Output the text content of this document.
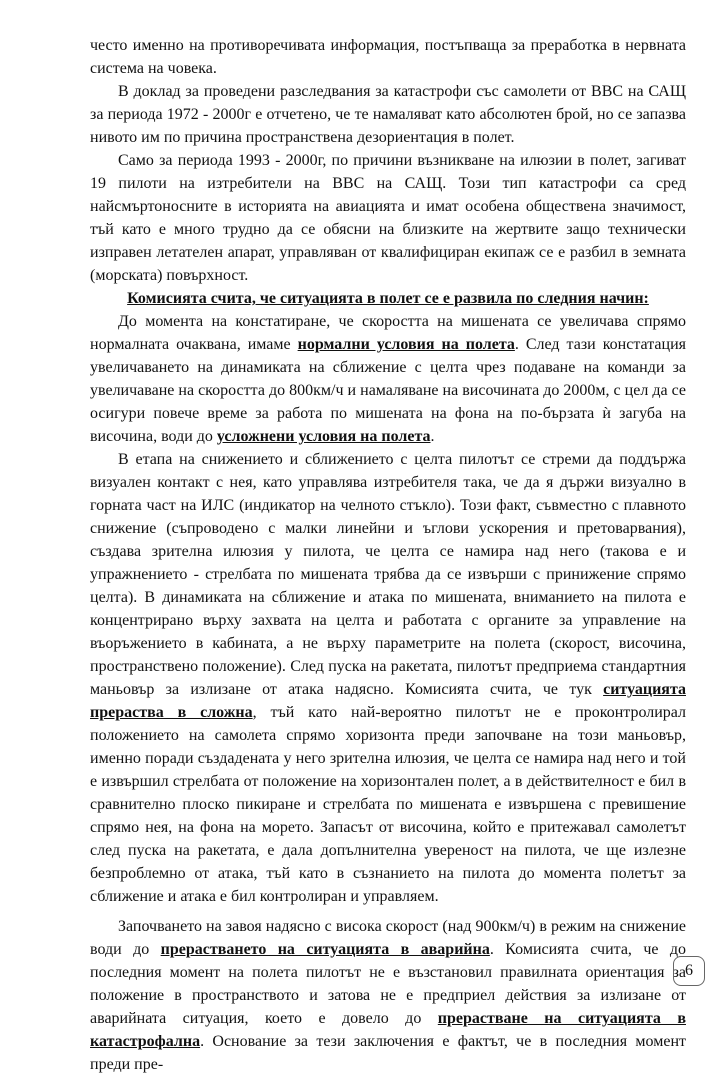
често именно на противоречивата информация, постъпваща за преработка в нервната система на човека.

В доклад за проведени разследвания за катастрофи със самолети от ВВС на САЩ за периода 1972 - 2000г е отчетено, че те намаляват като абсолютен брой, но се запазва нивото им по причина пространствена дезориентация в полет.

Само за периода 1993 - 2000г, по причини възникване на илюзии в полет, загиват 19 пилоти на изтребители на ВВС на САЩ. Този тип катастрофи са сред найсмъртоносните в историята на авиацията и имат особена обществена значимост, тъй като е много трудно да се обясни на близките на жертвите защо технически изправен летателен апарат, управляван от квалифициран екипаж се е разбил в земната (морската) повърхност.

Комисията счита, че ситуацията в полет се е развила по следния начин:

До момента на констатиране, че скоростта на мишената се увеличава спрямо нормалната очаквана, имаме нормални условия на полета. След тази констатация увеличаването на динамиката на сближение с целта чрез подаване на команди за увеличаване на скоростта до 800км/ч и намаляване на височината до 2000м, с цел да се осигури повече време за работа по мишената на фона на по-бързата ѝ загуба на височина, води до усложнени условия на полета.

В етапа на снижението и сближението с целта пилотът се стреми да поддържа визуален контакт с нея, като управлява изтребителя така, че да я държи визуално в горната част на ИЛС (индикатор на челното стъкло). Този факт, съвместно с плавното снижение (съпроводено с малки линейни и ъглови ускорения и претоварвания), създава зрителна илюзия у пилота, че целта се намира над него (такова е и упражнението - стрелбата по мишената трябва да се извърши с принижение спрямо целта). В динамиката на сближение и атака по мишената, вниманието на пилота е концентрирано върху захвата на целта и работата с органите за управление на въоръжението в кабината, а не върху параметрите на полета (скорост, височина, пространствено положение). След пуска на ракетата, пилотът предприема стандартния маньовър за излизане от атака надясно. Комисията счита, че тук ситуацията прераства в сложна, тъй като най-вероятно пилотът не е проконтролирал положението на самолета спрямо хоризонта преди започване на този маньовър, именно поради създадената у него зрителна илюзия, че целта се намира над него и той е извършил стрелбата от положение на хоризонтален полет, а в действителност е бил в сравнително плоско пикиране и стрелбата по мишената е извършена с превишение спрямо нея, на фона на морето. Запасът от височина, който е притежавал самолетът след пуска на ракетата, е дала допълнителна увереност на пилота, че ще излезне безпроблемно от атака, тъй като в съзнанието на пилота до момента полетът за сближение и атака е бил контролиран и управляем.

Започването на завоя надясно с висока скорост (над 900км/ч) в режим на снижение води до прерастването на ситуацията в аварийна. Комисията счита, че до последния момент на полета пилотът не е възстановил правилната ориентация за положение в пространството и затова не е предприел действия за излизане от аварийната ситуация, което е довело до прерастване на ситуацията в катастрофална. Основание за тези заключения е фактът, че в последния момент преди пре-

6
